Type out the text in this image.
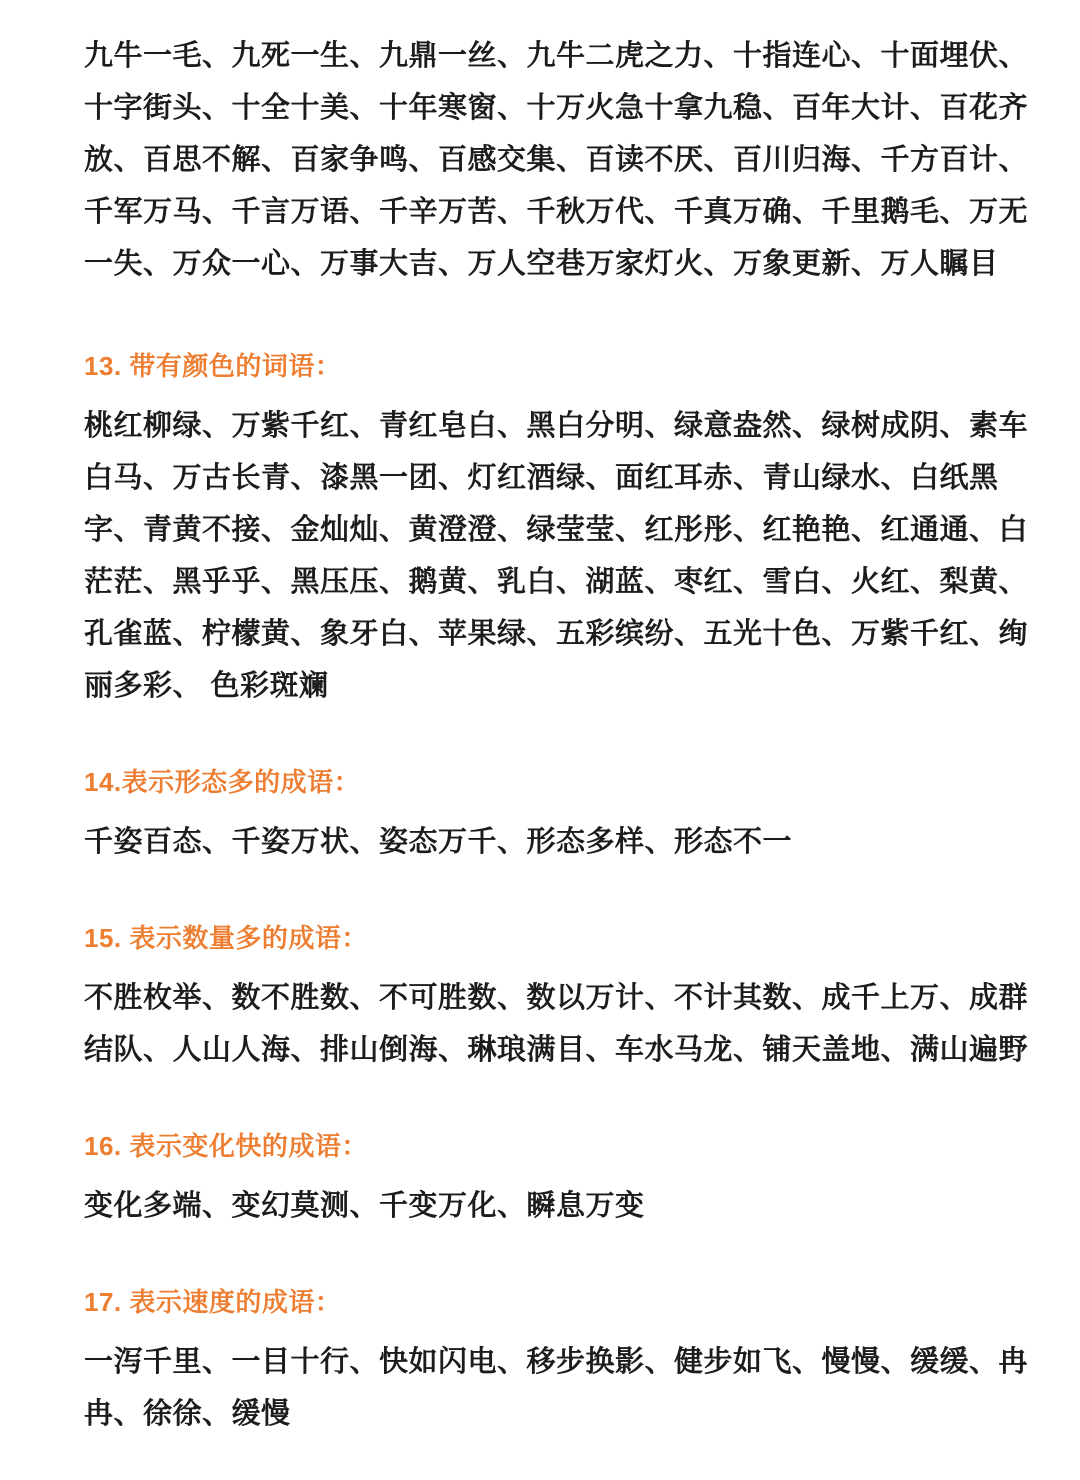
九牛一毛、九死一生、九鼎一丝、九牛二虎之力、十指连心、十面埋伏、十字街头、十全十美、十年寒窗、十万火急十拿九稳、百年大计、百花齐放、百思不解、百家争鸣、百感交集、百读不厌、百川归海、千方百计、千军万马、千言万语、千辛万苦、千秋万代、千真万确、千里鹅毛、万无一失、万众一心、万事大吉、万人空巷万家灯火、万象更新、万人瞩目

13. 带有颜色的词语：

桃红柳绿、万紫千红、青红皂白、黑白分明、绿意盎然、绿树成阴、素车白马、万古长青、漆黑一团、灯红酒绿、面红耳赤、青山绿水、白纸黑字、青黄不接、金灿灿、黄澄澄、绿莹莹、红彤彤、红艳艳、红通通、白茫茫、黑乎乎、黑压压、鹅黄、乳白、湖蓝、枣红、雪白、火红、梨黄、孔雀蓝、柠檬黄、象牙白、苹果绿、五彩缤纷、五光十色、万紫千红、绚丽多彩、 色彩斑斓

14.表示形态多的成语：

千姿百态、千姿万状、姿态万千、形态多样、形态不一

15. 表示数量多的成语：

不胜枚举、数不胜数、不可胜数、数以万计、不计其数、成千上万、成群结队、人山人海、排山倒海、琳琅满目、车水马龙、铺天盖地、满山遍野

16. 表示变化快的成语：

变化多端、变幻莫测、千变万化、瞬息万变

17. 表示速度的成语：

一泻千里、一目十行、快如闪电、移步换影、健步如飞、慢慢、缓缓、冉冉、徐徐、缓慢
